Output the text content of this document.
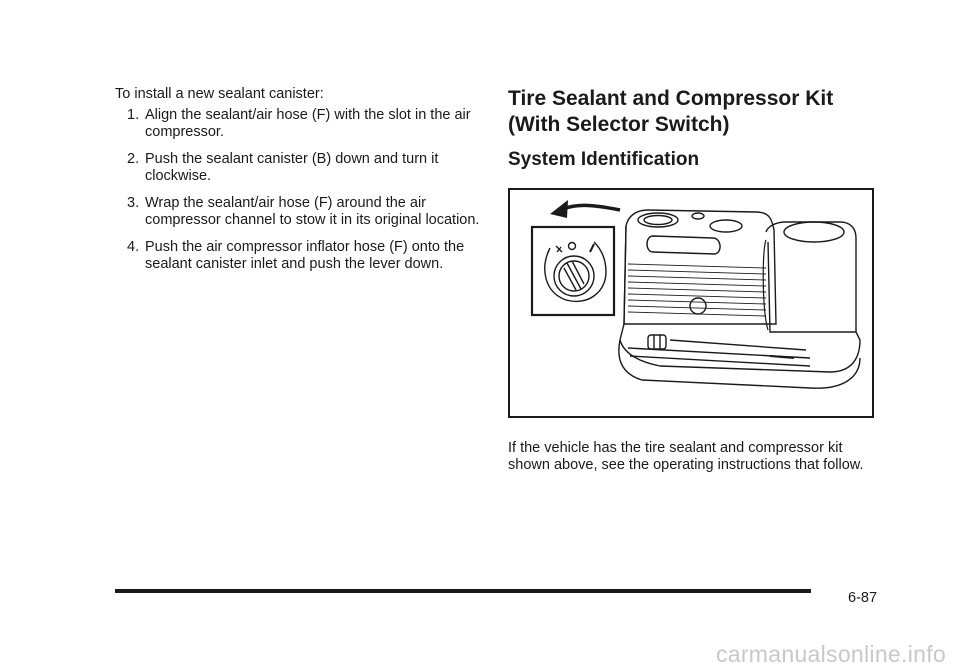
To install a new sealant canister:

1. Align the sealant/air hose (F) with the slot in the air compressor.
2. Push the sealant canister (B) down and turn it clockwise.
3. Wrap the sealant/air hose (F) around the air compressor channel to stow it in its original location.
4. Push the air compressor inflator hose (F) onto the sealant canister inlet and push the lever down.
Tire Sealant and Compressor Kit (With Selector Switch)
System Identification

If the vehicle has the tire sealant and compressor kit shown above, see the operating instructions that follow.

6-87
carmanualsonline.info
